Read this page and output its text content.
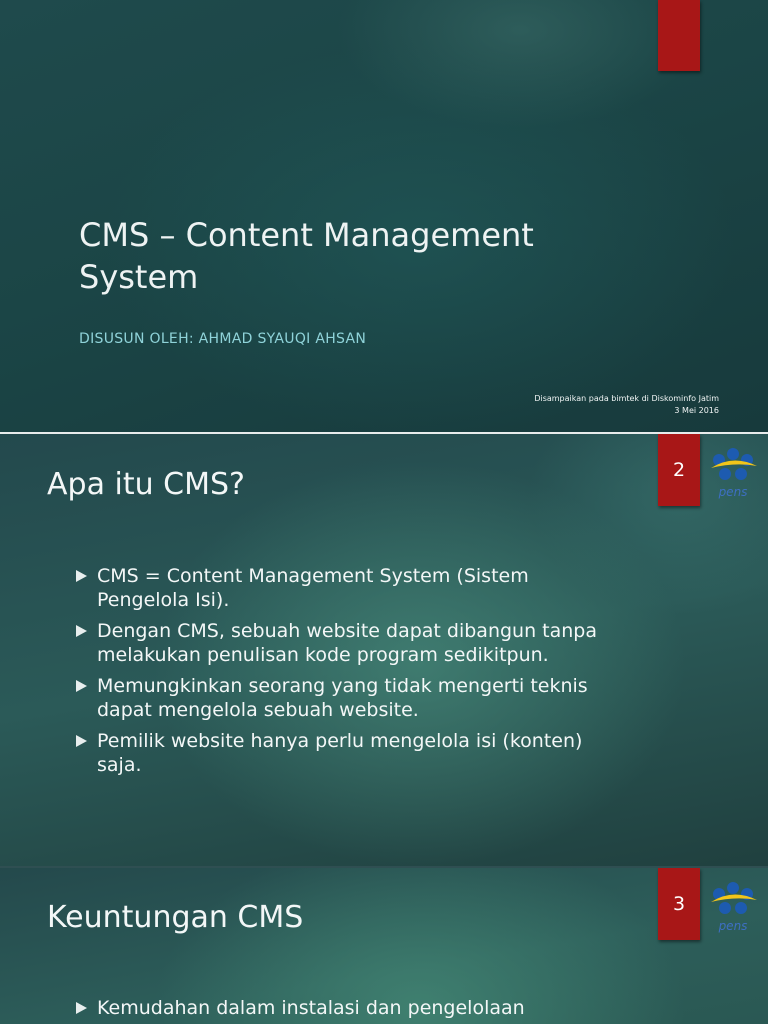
CMS – Content Management System
DISUSUN OLEH: AHMAD SYAUQI AHSAN
Disampaikan pada bimtek di Diskominfo Jatim
3 Mei 2016
Apa itu CMS?	2
pens
CMS = Content Management System (Sistem Pengelola Isi).
Dengan CMS, sebuah website dapat dibangun tanpa melakukan penulisan kode program sedikitpun.
Memungkinkan seorang yang tidak mengerti teknis dapat mengelola sebuah website.
Pemilik website hanya perlu mengelola isi (konten) saja.
Keuntungan CMS	3
pens
Kemudahan dalam instalasi dan pengelolaan
